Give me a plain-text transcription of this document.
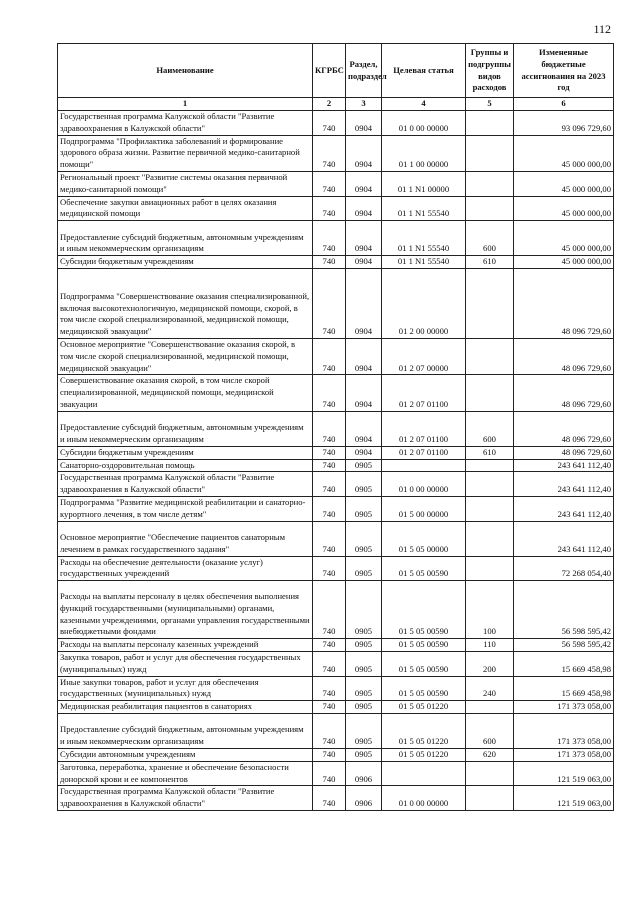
112
Наименование	КГРБС	Раздел, подраздел	Целевая статья	Группы и подгруппы видов расходов	Измененные бюджетные ассигнования на 2023 год
1	2	3	4	5	6
Государственная программа Калужской области "Развитие здравоохранения в Калужской области"	740	0904	01 0 00 00000		93 096 729,60
Подпрограмма "Профилактика заболеваний и формирование здорового образа жизни. Развитие первичной медико-санитарной помощи"	740	0904	01 1 00 00000		45 000 000,00
Региональный проект "Развитие системы оказания первичной медико-санитарной помощи"	740	0904	01 1 N1 00000		45 000 000,00
Обеспечение закупки авиационных работ в целях оказания медицинской помощи	740	0904	01 1 N1 55540		45 000 000,00
Предоставление субсидий бюджетным, автономным учреждениям и иным некоммерческим организациям	740	0904	01 1 N1 55540	600	45 000 000,00
Субсидии бюджетным учреждениям	740	0904	01 1 N1 55540	610	45 000 000,00
Подпрограмма "Совершенствование оказания специализированной, включая высокотехнологичную, медицинской помощи, скорой, в том числе скорой специализированной, медицинской помощи, медицинской эвакуации"	740	0904	01 2 00 00000		48 096 729,60
Основное мероприятие "Совершенствование оказания скорой, в том числе скорой специализированной, медицинской помощи, медицинской эвакуации"	740	0904	01 2 07 00000		48 096 729,60
Совершенствование оказания скорой, в том числе скорой специализированной, медицинской помощи, медицинской эвакуации	740	0904	01 2 07 01100		48 096 729,60
Предоставление субсидий бюджетным, автономным учреждениям и иным некоммерческим организациям	740	0904	01 2 07 01100	600	48 096 729,60
Субсидии бюджетным учреждениям	740	0904	01 2 07 01100	610	48 096 729,60
Санаторно-оздоровительная помощь	740	0905			243 641 112,40
Государственная программа Калужской области "Развитие здравоохранения в Калужской области"	740	0905	01 0 00 00000		243 641 112,40
Подпрограмма "Развитие медицинской реабилитации и санаторно-курортного лечения, в том числе детям"	740	0905	01 5 00 00000		243 641 112,40
Основное мероприятие "Обеспечение пациентов санаторным лечением в рамках государственного задания"	740	0905	01 5 05 00000		243 641 112,40
Расходы на обеспечение деятельности (оказание услуг) государственных учреждений	740	0905	01 5 05 00590		72 268 054,40
Расходы на выплаты персоналу в целях обеспечения выполнения функций государственными (муниципальными) органами, казенными учреждениями, органами управления государственными внебюджетными фондами	740	0905	01 5 05 00590	100	56 598 595,42
Расходы на выплаты персоналу казенных учреждений	740	0905	01 5 05 00590	110	56 598 595,42
Закупка товаров, работ и услуг для обеспечения государственных (муниципальных) нужд	740	0905	01 5 05 00590	200	15 669 458,98
Иные закупки товаров, работ и услуг для обеспечения государственных (муниципальных) нужд	740	0905	01 5 05 00590	240	15 669 458,98
Медицинская реабилитация пациентов в санаториях	740	0905	01 5 05 01220		171 373 058,00
Предоставление субсидий бюджетным, автономным учреждениям и иным некоммерческим организациям	740	0905	01 5 05 01220	600	171 373 058,00
Субсидии автономным учреждениям	740	0905	01 5 05 01220	620	171 373 058,00
Заготовка, переработка, хранение и обеспечение безопасности донорской крови и ее компонентов	740	0906			121 519 063,00
Государственная программа Калужской области "Развитие здравоохранения в Калужской области"	740	0906	01 0 00 00000		121 519 063,00
